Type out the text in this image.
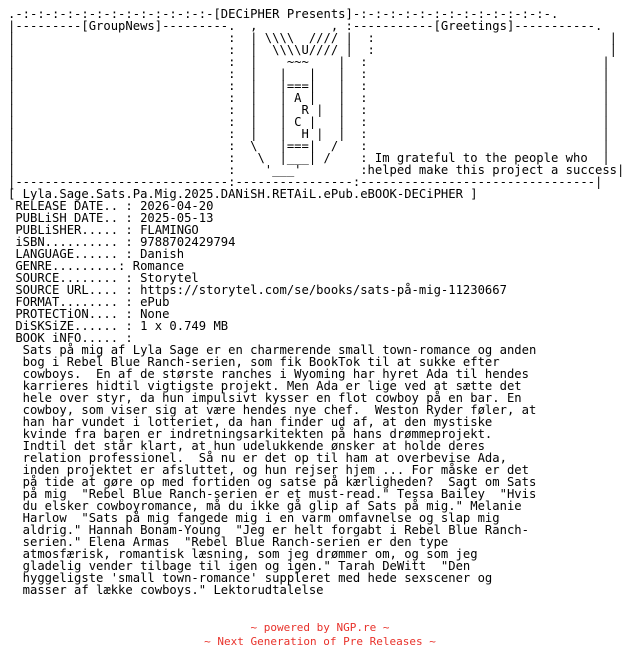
.-:-:-:-:-:-:-:-:-:-:-:-:-:-[DECiPHER Presents]-:-:-:-:-:-:-:-:-:-:-:-:-:-.
|---------[GroupNews]---------.  ,          , :-----------[Greetings]-----------.
|                             :  | \\\\  //// |  :                                |
|                             :  |  \\\\U//// |  :                                |
|                             :  |    ~~~    |  :                                |
|                             :  |   |   |   |  :                                |
|                             :  |   |===|   |  :                                |
|                             :  |   | A |   |  :                                |
|                             :  |   |  R |  |  :                                |
|                             :  |   | C |   |  :                                |
|                             :  |   |  H |  |  :                                |
|                             :  \   |===|  /   :                                |
|                             :   \  |___| /    : Im grateful to the people who  |
|                             :    '___'        :helped make this project a success|
|-----------------------------:----------------:--------------------------------|
[ Lyla.Sage.Sats.Pa.Mig.2025.DANiSH.RETAiL.ePub.eBOOK-DECiPHER ]
RELEASE DATE.. : 2026-04-20
PUBLiSH DATE.. : 2025-05-13
PUBLiSHER..... : FLAMINGO
iSBN.......... : 9788702429794
LANGUAGE...... : Danish
GENRE.........: Romance
SOURCE........ : Storytel
SOURCE URL.... : https://storytel.com/se/books/sats-på-mig-11230667
FORMAT........ : ePub
PROTECTiON.... : None
DiSKSiZE...... : 1 x 0.749 MB
BOOK iNFO..... :
Sats på mig af Lyla Sage er en charmerende small town-romance og anden
bog i Rebel Blue Ranch-serien, som fik BookTok til at sukke efter
cowboys.  En af de største ranches i Wyoming har hyret Ada til hendes
karrieres hidtil vigtigste projekt. Men Ada er lige ved at sætte det
hele over styr, da hun impulsivt kysser en flot cowboy på en bar. En
cowboy, som viser sig at være hendes nye chef.  Weston Ryder føler, at
han har vundet i lotteriet, da han finder ud af, at den mystiske
kvinde fra baren er indretningsarkitekten på hans drømmeprojekt.
Indtil det står klart, at hun udelukkende ønsker at holde deres
relation professionel.  Så nu er det op til ham at overbevise Ada,
inden projektet er afsluttet, og hun rejser hjem ... For måske er det
på tide at gøre op med fortiden og satse på kærligheden?  Sagt om Sats
på mig  "Rebel Blue Ranch-serien er et must-read." Tessa Bailey  "Hvis
du elsker cowboyromance, må du ikke gå glip af Sats på mig." Melanie
Harlow  "Sats på mig fangede mig i en varm omfavnelse og slap mig
aldrig." Hannah Bonam-Young  "Jeg er helt forgabt i Rebel Blue Ranch-
serien." Elena Armas  "Rebel Blue Ranch-serien er den type
atmosfærisk, romantisk læsning, som jeg drømmer om, og som jeg
gladelig vender tilbage til igen og igen." Tarah DeWitt  "Den
hyggeligste 'small town-romance' suppleret med hede sexscener og
masser af lække cowboys." Lektorudtalelse
~ powered by NGP.re ~
~ Next Generation of Pre Releases ~
